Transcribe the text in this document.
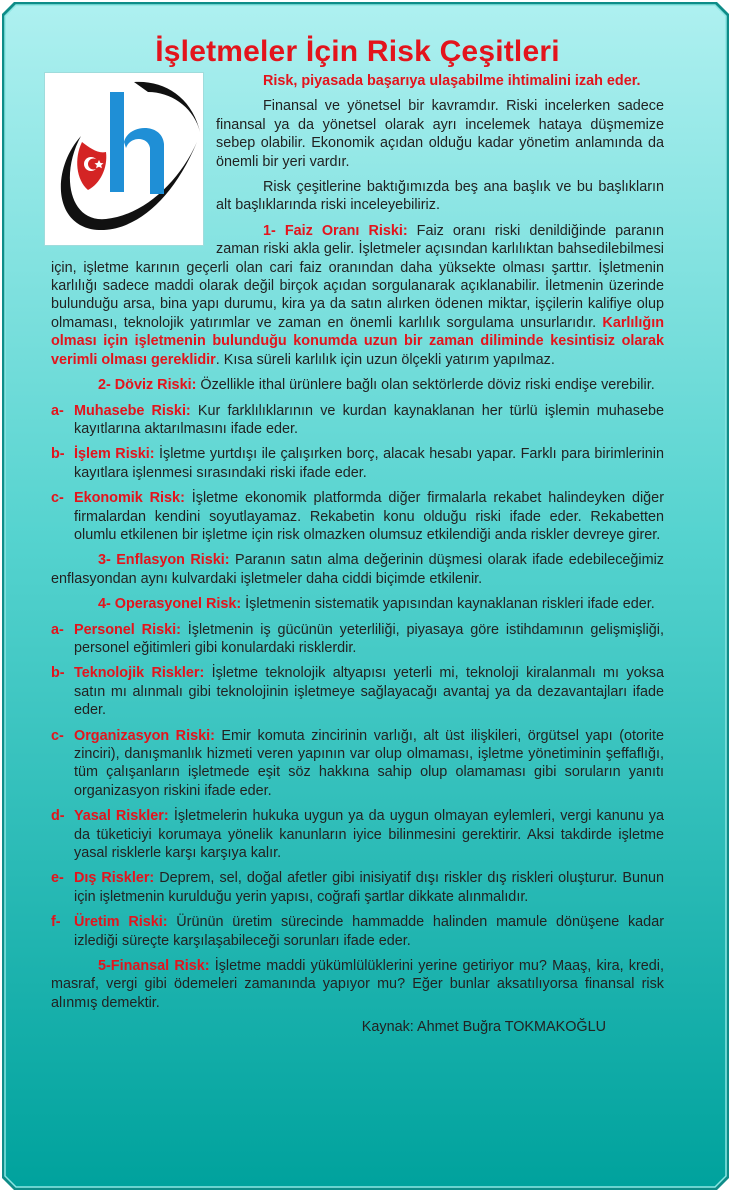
İşletmeler İçin Risk Çeşitleri

Risk, piyasada başarıya ulaşabilme ihtimalini izah eder.

Finansal ve yönetsel bir kavramdır. Riski incelerken sadece finansal ya da yönetsel olarak ayrı incelemek hataya düşmemize sebep olabilir. Ekonomik açıdan olduğu kadar yönetim anlamında da önemli bir yeri vardır.

Risk çeşitlerine baktığımızda beş ana başlık ve bu başlıkların alt başlıklarında riski inceleyebiliriz.

1- Faiz Oranı Riski: Faiz oranı riski denildiğinde paranın zaman riski akla gelir. İşletmeler açısından karlılıktan bahsedilebilmesi için, işletme karının geçerli olan cari faiz oranından daha yüksekte olması şarttır. İşletmenin karlılığı sadece maddi olarak değil birçok açıdan sorgulanarak açıklanabilir. İletmenin üzerinde bulunduğu arsa, bina yapı durumu, kira ya da satın alırken ödenen miktar, işçilerin kalifiye olup olmaması, teknolojik yatırımlar ve zaman en önemli karlılık sorgulama unsurlarıdır. Karlılığın olması için işletmenin bulunduğu konumda uzun bir zaman diliminde kesintisiz olarak verimli olması gereklidir. Kısa süreli karlılık için uzun ölçekli yatırım yapılmaz.

2- Döviz Riski: Özellikle ithal ürünlere bağlı olan sektörlerde döviz riski endişe verebilir.

a- Muhasebe Riski: Kur farklılıklarının ve kurdan kaynaklanan her türlü işlemin muhasebe kayıtlarına aktarılmasını ifade eder.
b- İşlem Riski: İşletme yurtdışı ile çalışırken borç, alacak hesabı yapar. Farklı para birimlerinin kayıtlara işlenmesi sırasındaki riski ifade eder.
c- Ekonomik Risk: İşletme ekonomik platformda diğer firmalarla rekabet halindeyken diğer firmalardan kendini soyutlayamaz. Rekabetin konu olduğu riski ifade eder. Rekabetten olumlu etkilenen bir işletme için risk olmazken olumsuz etkilendiği anda riskler devreye girer.

3- Enflasyon Riski: Paranın satın alma değerinin düşmesi olarak ifade edebileceğimiz enflasyondan aynı kulvardaki işletmeler daha ciddi biçimde etkilenir.

4- Operasyonel Risk: İşletmenin sistematik yapısından kaynaklanan riskleri ifade eder.

a- Personel Riski: İşletmenin iş gücünün yeterliliği, piyasaya göre istihdamının gelişmişliği, personel eğitimleri gibi konulardaki risklerdir.
b- Teknolojik Riskler: İşletme teknolojik altyapısı yeterli mi, teknoloji kiralanmalı mı yoksa satın mı alınmalı gibi teknolojinin işletmeye sağlayacağı avantaj ya da dezavantajları ifade eder.
c- Organizasyon Riski: Emir komuta zincirinin varlığı, alt üst ilişkileri, örgütsel yapı (otorite zinciri), danışmanlık hizmeti veren yapının var olup olmaması, işletme yönetiminin şeffaflığı, tüm çalışanların işletmede eşit söz hakkına sahip olup olamaması gibi soruların yanıtı organizasyon riskini ifade eder.
d- Yasal Riskler: İşletmelerin hukuka uygun ya da uygun olmayan eylemleri, vergi kanunu ya da tüketiciyi korumaya yönelik kanunların iyice bilinmesini gerektirir. Aksi takdirde işletme yasal risklerle karşı karşıya kalır.
e- Dış Riskler: Deprem, sel, doğal afetler gibi inisiyatif dışı riskler dış riskleri oluşturur. Bunun için işletmenin kurulduğu yerin yapısı, coğrafi şartlar dikkate alınmalıdır.
f- Üretim Riski: Ürünün üretim sürecinde hammadde halinden mamule dönüşene kadar izlediği süreçte karşılaşabileceği sorunları ifade eder.

5-Finansal Risk: İşletme maddi yükümlülüklerini yerine getiriyor mu? Maaş, kira, kredi, masraf, vergi gibi ödemeleri zamanında yapıyor mu? Eğer bunlar aksatılıyorsa finansal risk alınmış demektir.

Kaynak: Ahmet Buğra TOKMAKOĞLU
